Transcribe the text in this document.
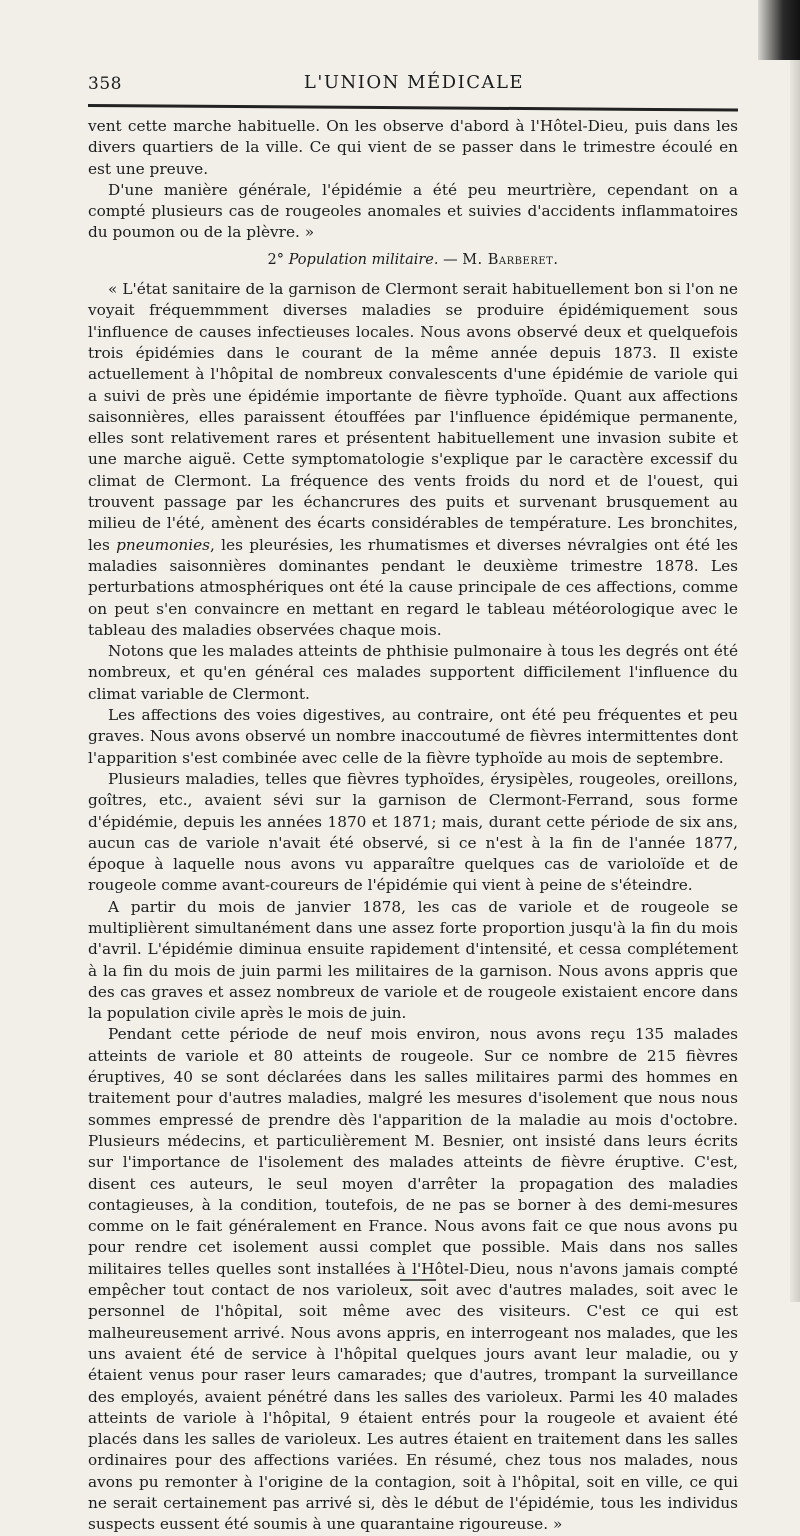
358	L'UNION MÉDICALE

vent cette marche habituelle. On les observe d'abord à l'Hôtel-Dieu, puis dans les divers quartiers de la ville. Ce qui vient de se passer dans le trimestre écoulé en est une preuve.

D'une manière générale, l'épidémie a été peu meurtrière, cependant on a compté plusieurs cas de rougeoles anomales et suivies d'accidents inflammatoires du poumon ou de la plèvre. »

2° Population militaire. — M. Barberet.

« L'état sanitaire de la garnison de Clermont serait habituellement bon si l'on ne voyait fréquemmment diverses maladies se produire épidémiquement sous l'influence de causes infectieuses locales. Nous avons observé deux et quelquefois trois épidémies dans le courant de la même année depuis 1873. Il existe actuellement à l'hôpital de nombreux convalescents d'une épidémie de variole qui a suivi de près une épidémie importante de fièvre typhoïde. Quant aux affections saisonnières, elles paraissent étouffées par l'influence épidémique permanente, elles sont relativement rares et présentent habituellement une invasion subite et une marche aiguë. Cette symptomatologie s'explique par le caractère excessif du climat de Clermont. La fréquence des vents froids du nord et de l'ouest, qui trouvent passage par les échancrures des puits et survenant brusquement au milieu de l'été, amènent des écarts considérables de température. Les bronchites, les pneumonies, les pleurésies, les rhumatismes et diverses névralgies ont été les maladies saisonnières dominantes pendant le deuxième trimestre 1878. Les perturbations atmosphériques ont été la cause principale de ces affections, comme on peut s'en convaincre en mettant en regard le tableau météorologique avec le tableau des maladies observées chaque mois.

Notons que les malades atteints de phthisie pulmonaire à tous les degrés ont été nombreux, et qu'en général ces malades supportent difficilement l'influence du climat variable de Clermont.

Les affections des voies digestives, au contraire, ont été peu fréquentes et peu graves. Nous avons observé un nombre inaccoutumé de fièvres intermittentes dont l'apparition s'est combinée avec celle de la fièvre typhoïde au mois de septembre.

Plusieurs maladies, telles que fièvres typhoïdes, érysipèles, rougeoles, oreillons, goîtres, etc., avaient sévi sur la garnison de Clermont-Ferrand, sous forme d'épidémie, depuis les années 1870 et 1871; mais, durant cette période de six ans, aucun cas de variole n'avait été observé, si ce n'est à la fin de l'année 1877, époque à laquelle nous avons vu apparaître quelques cas de varioloïde et de rougeole comme avant-coureurs de l'épidémie qui vient à peine de s'éteindre.

A partir du mois de janvier 1878, les cas de variole et de rougeole se multiplièrent simultanément dans une assez forte proportion jusqu'à la fin du mois d'avril. L'épidémie diminua ensuite rapidement d'intensité, et cessa complétement à la fin du mois de juin parmi les militaires de la garnison. Nous avons appris que des cas graves et assez nombreux de variole et de rougeole existaient encore dans la population civile après le mois de juin.

Pendant cette période de neuf mois environ, nous avons reçu 135 malades atteints de variole et 80 atteints de rougeole. Sur ce nombre de 215 fièvres éruptives, 40 se sont déclarées dans les salles militaires parmi des hommes en traitement pour d'autres maladies, malgré les mesures d'isolement que nous nous sommes empressé de prendre dès l'apparition de la maladie au mois d'octobre. Plusieurs médecins, et particulièrement M. Besnier, ont insisté dans leurs écrits sur l'importance de l'isolement des malades atteints de fièvre éruptive. C'est, disent ces auteurs, le seul moyen d'arrêter la propagation des maladies contagieuses, à la condition, toutefois, de ne pas se borner à des demi-mesures comme on le fait généralement en France. Nous avons fait ce que nous avons pu pour rendre cet isolement aussi complet que possible. Mais dans nos salles militaires telles quelles sont installées à l'Hôtel-Dieu, nous n'avons jamais compté empêcher tout contact de nos varioleux, soit avec d'autres malades, soit avec le personnel de l'hôpital, soit même avec des visiteurs. C'est ce qui est malheureusement arrivé. Nous avons appris, en interrogeant nos malades, que les uns avaient été de service à l'hôpital quelques jours avant leur maladie, ou y étaient venus pour raser leurs camarades; que d'autres, trompant la surveillance des employés, avaient pénétré dans les salles des varioleux. Parmi les 40 malades atteints de variole à l'hôpital, 9 étaient entrés pour la rougeole et avaient été placés dans les salles de varioleux. Les autres étaient en traitement dans les salles ordinaires pour des affections variées. En résumé, chez tous nos malades, nous avons pu remonter à l'origine de la contagion, soit à l'hôpital, soit en ville, ce qui ne serait certainement pas arrivé si, dès le début de l'épidémie, tous les individus suspects eussent été soumis à une quarantaine rigoureuse. »
